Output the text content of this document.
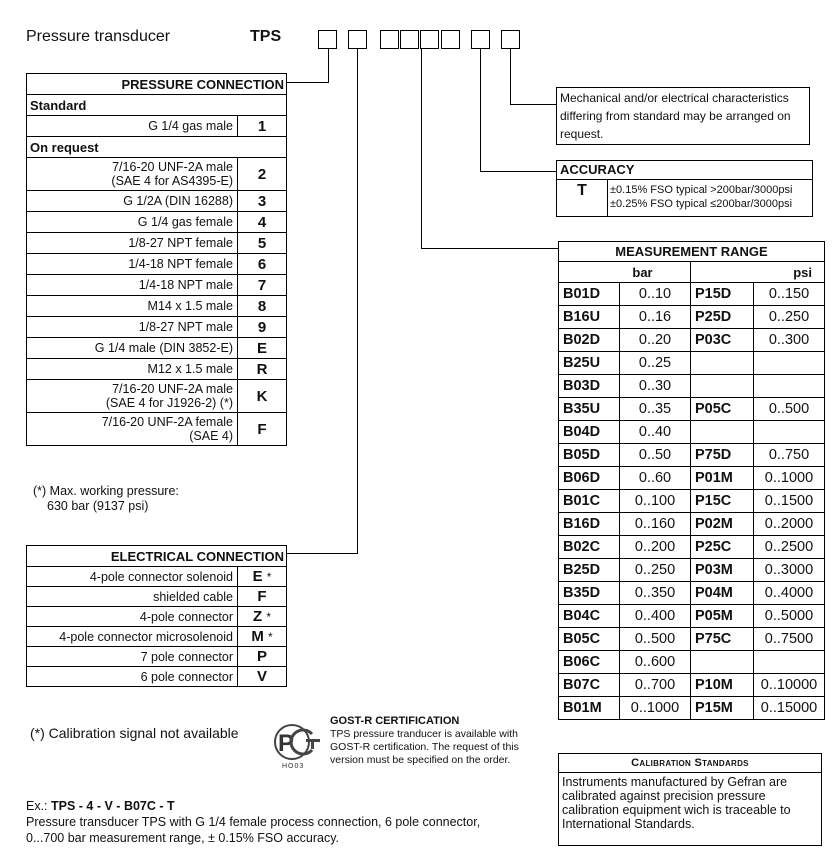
Pressure transducer	TPS
PRESSURE CONNECTION	
Standard	
G 1/4 gas male	1
On request	

7/16-20 UNF-2A male
(SAE 4 for AS4395-E)	2

G 1/2A (DIN 16288)	3

G 1/4 gas female	4

1/8-27 NPT female	5

1/4-18 NPT female	6

1/4-18 NPT male	7

M14 x 1.5 male	8

1/8-27 NPT male	9

G 1/4 male (DIN 3852-E)	E

M12 x 1.5 male	R

7/16-20 UNF-2A male
(SAE 4 for J1926-2) (*)	K

7/16-20 UNF-2A female
(SAE 4)	F
(*) Max. working pressure:
630 bar (9137 psi)
ELECTRICAL CONNECTION	
4-pole connector solenoid	E *
shielded cable	F
4-pole connector	Z *
4-pole connector microsolenoid	M *
7 pole connector	P
6 pole connector	V
(*) Calibration signal not available
Mechanical and/or electrical characteristics differing from standard may be arranged on request.
ACCURACY
T	±0.15% FSO typical >200bar/3000psi
±0.25% FSO typical ≤200bar/3000psi
MEASUREMENT RANGE			
bar		psi	
B01D	0..10	P15D	0..150
B16U	0..16	P25D	0..250
B02D	0..20	P03C	0..300
B25U	0..25		
B03D	0..30		
B35U	0..35	P05C	0..500
B04D	0..40		
B05D	0..50	P75D	0..750
B06D	0..60	P01M	0..1000
B01C	0..100	P15C	0..1500
B16D	0..160	P02M	0..2000
B02C	0..200	P25C	0..2500
B25D	0..250	P03M	0..3000
B35D	0..350	P04M	0..4000
B04C	0..400	P05M	0..5000
B05C	0..500	P75C	0..7500
B06C	0..600		
B07C	0..700	P10M	0..10000
B01M	0..1000	P15M	0..15000
P
HO03
GOST-R CERTIFICATION
TPS pressure tranducer is available with GOST-R certification. The request of this version must be specified on the order.	Calibration Standards
Instruments manufactured by Gefran are calibrated against precision pressure calibration equipment wich is traceable to International Standards.
Ex.: TPS - 4 - V - B07C - T
Pressure transducer TPS with G 1/4 female process connection, 6 pole connector,
0...700 bar measurement range, ± 0.15% FSO accuracy.
